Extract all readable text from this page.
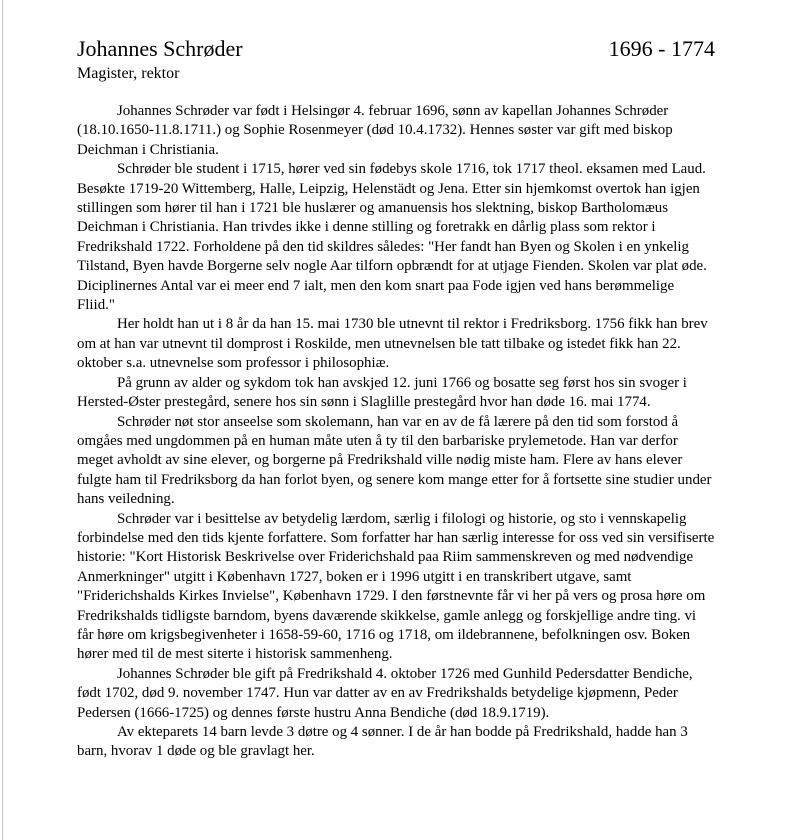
Johannes Schrøder	1696 - 1774
Magister, rektor

Johannes Schrøder var født i Helsingør 4. februar 1696, sønn av kapellan Johannes Schrøder (18.10.1650-11.8.1711.) og Sophie Rosenmeyer (død 10.4.1732). Hennes søster var gift med biskop Deichman i Christiania.

Schrøder ble student i 1715, hører ved sin fødebys skole 1716, tok 1717 theol. eksamen med Laud. Besøkte 1719-20 Wittemberg, Halle, Leipzig, Helenstädt og Jena. Etter sin hjemkomst overtok han igjen stillingen som hører til han i 1721 ble huslærer og amanuensis hos slektning, biskop Bartholomæus Deichman i Christiania. Han trivdes ikke i denne stilling og foretrakk en dårlig plass som rektor i Fredrikshald 1722. Forholdene på den tid skildres således: "Her fandt han Byen og Skolen i en ynkelig Tilstand, Byen havde Borgerne selv nogle Aar tilforn opbrændt for at utjage Fienden. Skolen var plat øde. Diciplinernes Antal var ei meer end 7 ialt, men den kom snart paa Fode igjen ved hans berømmelige Fliid."

Her holdt han ut i 8 år da han 15. mai 1730 ble utnevnt til rektor i Fredriksborg. 1756 fikk han brev om at han var utnevnt til domprost i Roskilde, men utnevnelsen ble tatt tilbake og istedet fikk han 22. oktober s.a. utnevnelse som professor i philosophiæ.

På grunn av alder og sykdom tok han avskjed 12. juni 1766 og bosatte seg først hos sin svoger i Hersted-Øster prestegård, senere hos sin sønn i Slaglille prestegård hvor han døde 16. mai 1774.

Schrøder nøt stor anseelse som skolemann, han var en av de få lærere på den tid som forstod å omgåes med ungdommen på en human måte uten å ty til den barbariske prylemetode. Han var derfor meget avholdt av sine elever, og borgerne på Fredrikshald ville nødig miste ham. Flere av hans elever fulgte ham til Fredriksborg da han forlot byen, og senere kom mange etter for å fortsette sine studier under hans veiledning.

Schrøder var i besittelse av betydelig lærdom, særlig i filologi og historie, og sto i vennskapelig forbindelse med den tids kjente forfattere. Som forfatter har han særlig interesse for oss ved sin versifiserte historie: "Kort Historisk Beskrivelse over Friderichshald paa Riim sammenskreven og med nødvendige Anmerkninger" utgitt i København 1727, boken er i 1996 utgitt i en transkribert utgave, samt "Friderichshalds Kirkes Invielse", København 1729. I den førstnevnte får vi her på vers og prosa høre om Fredrikshalds tidligste barndom, byens daværende skikkelse, gamle anlegg og forskjellige andre ting. vi får høre om krigsbegivenheter i 1658-59-60, 1716 og 1718, om ildebrannene, befolkningen osv. Boken hører med til de mest siterte i historisk sammenheng.

Johannes Schrøder ble gift på Fredrikshald 4. oktober 1726 med Gunhild Pedersdatter Bendiche, født 1702, død 9. november 1747. Hun var datter av en av Fredrikshalds betydelige kjøpmenn, Peder Pedersen (1666-1725) og dennes første hustru Anna Bendiche (død 18.9.1719).

Av ekteparets 14 barn levde 3 døtre og 4 sønner. I de år han bodde på Fredrikshald, hadde han 3 barn, hvorav 1 døde og ble gravlagt her.
